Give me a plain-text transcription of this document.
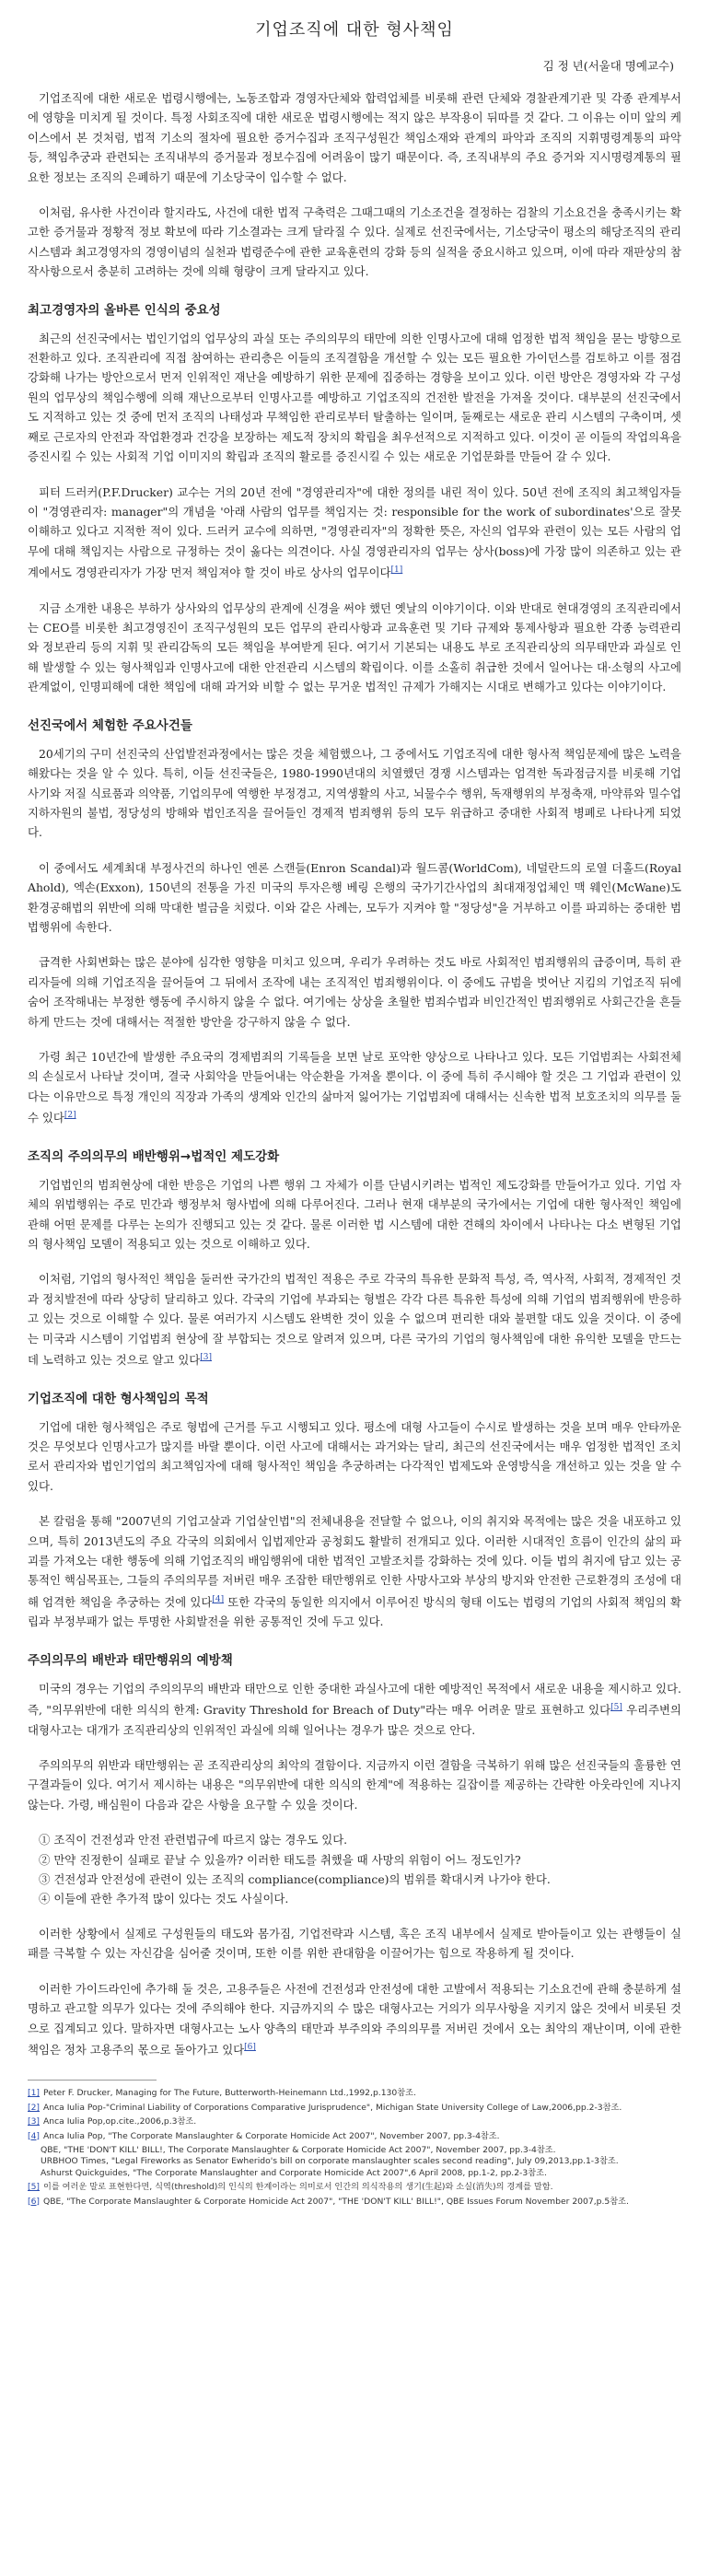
기업조직에 대한 형사책임
김 정 년(서울대 명예교수)

기업조직에 대한 새로운 법령시행에는, 노동조합과 경영자단체와 합력업체를 비롯해 관련 단체와 경찰관계기관 및 각종 관계부서에 영향을 미치게 될 것이다. 특정 사회조직에 대한 새로운 법령시행에는 적지 않은 부작용이 뒤따를 것 같다. 그 이유는 이미 앞의 케이스에서 본 것처럼, 법적 기소의 절차에 필요한 증거수집과 조직구성원간 책임소재와 관계의 파악과 조직의 지휘명령계통의 파악 등, 책임추궁과 관련되는 조직내부의 증거물과 정보수집에 어려움이 많기 때문이다. 즉, 조직내부의 주요 증거와 지시명령계통의 필요한 정보는 조직의 은폐하기 때문에 기소당국이 입수할 수 없다.

이처럼, 유사한 사건이라 할지라도, 사건에 대한 법적 구축력은 그때그때의 기소조건을 결정하는 검찰의 기소요건을 충족시키는 확고한 증거물과 정황적 정보 확보에 따라 기소결과는 크게 달라질 수 있다. 실제로 선진국에서는, 기소당국이 평소의 해당조직의 관리 시스템과 최고경영자의 경영이념의 실천과 법령준수에 관한 교육훈련의 강화 등의 실적을 중요시하고 있으며, 이에 따라 재판상의 참작사항으로서 충분히 고려하는 것에 의해 형량이 크게 달라지고 있다.

최고경영자의 올바른 인식의 중요성

최근의 선진국에서는 법인기업의 업무상의 과실 또는 주의의무의 태만에 의한 인명사고에 대해 엄정한 법적 책임을 묻는 방향으로 전환하고 있다. 조직관리에 직접 참여하는 관리층은 이들의 조직결함을 개선할 수 있는 모든 필요한 가이던스를 검토하고 이를 점검 강화해 나가는 방안으로서 먼저 인위적인 재난을 예방하기 위한 문제에 집중하는 경향을 보이고 있다. 이런 방안은 경영자와 각 구성원의 업무상의 책임수행에 의해 재난으로부터 인명사고를 예방하고 기업조직의 건전한 발전을 가져올 것이다. 대부분의 선진국에서도 지적하고 있는 것 중에 먼저 조직의 나태성과 무책임한 관리로부터 탈출하는 일이며, 둘째로는 새로운 관리 시스템의 구축이며, 셋째로 근로자의 안전과 작업환경과 건강을 보장하는 제도적 장치의 확립을 최우선적으로 지적하고 있다. 이것이 곧 이들의 작업의욕을 증진시킬 수 있는 사회적 기업 이미지의 확립과 조직의 활로를 증진시킬 수 있는 새로운 기업문화를 만들어 갈 수 있다.

피터 드러커(P.F.Drucker) 교수는 거의 20년 전에 "경영관리자"에 대한 정의를 내린 적이 있다. 50년 전에 조직의 최고책임자들이 "경영관리자: manager"의 개념을 '아래 사람의 업무를 책임지는 것: responsible for the work of subordinates'으로 잘못 이해하고 있다고 지적한 적이 있다. 드러커 교수에 의하면, "경영관리자"의 정확한 뜻은, 자신의 업무와 관련이 있는 모든 사람의 업무에 대해 책임지는 사람으로 규정하는 것이 옳다는 의견이다. 사실 경영관리자의 업무는 상사(boss)에 가장 많이 의존하고 있는 관계에서도 경영관리자가 가장 먼저 책임져야 할 것이 바로 상사의 업무이다[1]

지금 소개한 내용은 부하가 상사와의 업무상의 관계에 신경을 써야 했던 옛날의 이야기이다. 이와 반대로 현대경영의 조직관리에서는 CEO를 비롯한 최고경영진이 조직구성원의 모든 업무의 관리사항과 교육훈련 및 기타 규제와 통제사항과 필요한 각종 능력관리와 정보관리 등의 지휘 및 관리감독의 모든 책임을 부여받게 된다. 여기서 기본되는 내용도 부로 조직관리상의 의무태만과 과실로 인해 발생할 수 있는 형사책임과 인명사고에 대한 안전관리 시스템의 확립이다. 이를 소홀히 취급한 것에서 일어나는 대·소형의 사고에 관계없이, 인명피해에 대한 책임에 대해 과거와 비할 수 없는 무거운 법적인 규제가 가해지는 시대로 변해가고 있다는 이야기이다.

선진국에서 체험한 주요사건들

20세기의 구미 선진국의 산업발전과정에서는 많은 것을 체험했으나, 그 중에서도 기업조직에 대한 형사적 책임문제에 많은 노력을 해왔다는 것을 알 수 있다. 특히, 이들 선진국들은, 1980-1990년대의 치열했던 경쟁 시스템과는 엄격한 독과점금지를 비롯해 기업사기와 저질 식료품과 의약품, 기업의무에 역행한 부정경고, 지역생활의 사고, 뇌물수수 행위, 독재행위의 부정축재, 마약류와 밀수업 지하자원의 불법, 정당성의 방해와 법인조직을 끌어들인 경제적 범죄행위 등의 모두 위급하고 중대한 사회적 병폐로 나타나게 되었다.

이 중에서도 세계최대 부정사건의 하나인 엔론 스캔들(Enron Scandal)과 월드콤(WorldCom), 네덜란드의 로열 더홀드(Royal Ahold), 엑손(Exxon), 150년의 전통을 가진 미국의 투자은행 베링 은행의 국가기간사업의 최대재정업체인 맥 웨인(McWane)도 환경공해법의 위반에 의해 막대한 벌금을 치렀다. 이와 같은 사례는, 모두가 지켜야 할 "정당성"을 거부하고 이를 파괴하는 중대한 범법행위에 속한다.

급격한 사회변화는 많은 분야에 심각한 영향을 미치고 있으며, 우리가 우려하는 것도 바로 사회적인 범죄행위의 급증이며, 특히 관리자들에 의해 기업조직을 끌어들여 그 뒤에서 조작에 내는 조직적인 범죄행위이다. 이 중에도 규범을 벗어난 지킴의 기업조직 뒤에 숨어 조작해내는 부정한 행동에 주시하지 않을 수 없다. 여기에는 상상을 초월한 범죄수법과 비인간적인 범죄행위로 사회근간을 흔들하게 만드는 것에 대해서는 적절한 방안을 강구하지 않을 수 없다.

가령 최근 10년간에 발생한 주요국의 경제범죄의 기록들을 보면 날로 포악한 양상으로 나타나고 있다. 모든 기업범죄는 사회전체의 손실로서 나타날 것이며, 결국 사회악을 만들어내는 악순환을 가져올 뿐이다. 이 중에 특히 주시해야 할 것은 그 기업과 관련이 있다는 이유만으로 특정 개인의 직장과 가족의 생계와 인간의 삶마저 잃어가는 기업범죄에 대해서는 신속한 법적 보호조치의 의무를 둘 수 있다[2]

조직의 주의의무의 배반행위→법적인 제도강화

기업법인의 범죄현상에 대한 반응은 기업의 나쁜 행위 그 자체가 이를 단념시키려는 법적인 제도강화를 만들어가고 있다. 기업 자체의 위법행위는 주로 민간과 행정부처 형사법에 의해 다루어진다. 그러나 현재 대부분의 국가에서는 기업에 대한 형사적인 책임에 관해 어떤 문제를 다루는 논의가 진행되고 있는 것 같다. 물론 이러한 법 시스템에 대한 견해의 차이에서 나타나는 다소 변형된 기업의 형사책임 모델이 적용되고 있는 것으로 이해하고 있다.

이처럼, 기업의 형사적인 책임을 둘러싼 국가간의 법적인 적용은 주로 각국의 특유한 문화적 특성, 즉, 역사적, 사회적, 경제적인 것과 정치발전에 따라 상당히 달리하고 있다. 각국의 기업에 부과되는 형벌은 각각 다른 특유한 특성에 의해 기업의 범죄행위에 반응하고 있는 것으로 이해할 수 있다. 물론 여러가지 시스템도 완벽한 것이 있을 수 없으며 편리한 대와 불편할 대도 있을 것이다. 이 중에는 미국과 시스템이 기업범죄 현상에 잘 부합되는 것으로 알려져 있으며, 다른 국가의 기업의 형사책임에 대한 유익한 모델을 만드는 데 노력하고 있는 것으로 알고 있다[3]

기업조직에 대한 형사책임의 목적

기업에 대한 형사책임은 주로 형법에 근거를 두고 시행되고 있다. 평소에 대형 사고들이 수시로 발생하는 것을 보며 매우 안타까운 것은 무엇보다 인명사고가 많지를 바랄 뿐이다. 이런 사고에 대해서는 과거와는 달리, 최근의 선진국에서는 매우 엄정한 법적인 조치로서 관리자와 법인기업의 최고책임자에 대해 형사적인 책임을 추궁하려는 다각적인 법제도와 운영방식을 개선하고 있는 것을 알 수 있다.

본 칼럼을 통해 "2007년의 기업고살과 기업살인법"의 전체내용을 전달할 수 없으나, 이의 취지와 목적에는 많은 것을 내포하고 있으며, 특히 2013년도의 주요 각국의 의회에서 입법제안과 공청회도 활발히 전개되고 있다. 이러한 시대적인 흐름이 인간의 삶의 파괴를 가져오는 대한 행동에 의해 기업조직의 배임행위에 대한 법적인 고발조치를 강화하는 것에 있다. 이들 법의 취지에 담고 있는 공통적인 핵심목표는, 그들의 주의의무를 저버린 매우 조잡한 태만행위로 인한 사망사고와 부상의 방지와 안전한 근로환경의 조성에 대해 엄격한 책임을 추궁하는 것에 있다[4] 또한 각국의 동일한 의지에서 이루어진 방식의 형태 이도는 법령의 기업의 사회적 책임의 확립과 부정부패가 없는 투명한 사회발전을 위한 공통적인 것에 두고 있다.

주의의무의 배반과 태만행위의 예방책

미국의 경우는 기업의 주의의무의 배반과 태만으로 인한 중대한 과실사고에 대한 예방적인 목적에서 새로운 내용을 제시하고 있다. 즉, "의무위반에 대한 의식의 한계: Gravity Threshold for Breach of Duty"라는 매우 어려운 말로 표현하고 있다[5] 우리주변의 대형사고는 대개가 조직관리상의 인위적인 과실에 의해 일어나는 경우가 많은 것으로 안다.

주의의무의 위반과 태만행위는 곧 조직관리상의 최악의 결함이다. 지금까지 이런 결함을 극복하기 위해 많은 선진국들의 훌륭한 연구결과들이 있다. 여기서 제시하는 내용은 "의무위반에 대한 의식의 한계"에 적용하는 길잡이를 제공하는 간략한 아웃라인에 지나지 않는다. 가령, 배심원이 다음과 같은 사항을 요구할 수 있을 것이다.

① 조직이 건전성과 안전 관련법규에 따르지 않는 경우도 있다.
② 만약 진정한이 실패로 끝날 수 있을까? 이러한 태도를 취했을 때 사망의 위험이 어느 정도인가?
③ 건전성과 안전성에 관련이 있는 조직의 compliance(compliance)의 범위를 확대시켜 나가야 한다.
④ 이들에 관한 추가적 많이 있다는 것도 사실이다.

이러한 상황에서 실제로 구성원들의 태도와 몸가짐, 기업전략과 시스템, 혹은 조직 내부에서 실제로 받아들이고 있는 관행들이 실패를 극복할 수 있는 자신감을 심어줄 것이며, 또한 이를 위한 관대함을 이끌어가는 힘으로 작용하게 될 것이다.

이러한 가이드라인에 추가해 둘 것은, 고용주들은 사전에 건전성과 안전성에 대한 고발에서 적용되는 기소요건에 관해 충분하게 설명하고 관고할 의무가 있다는 것에 주의해야 한다. 지금까지의 수 많은 대형사고는 거의가 의무사항을 지키지 않은 것에서 비롯된 것으로 집계되고 있다. 말하자면 대형사고는 노사 양측의 태만과 부주의와 주의의무를 저버린 것에서 오는 최악의 재난이며, 이에 관한 책임은 정차 고용주의 몫으로 돌아가고 있다[6]

[1] Peter F. Drucker, Managing for The Future, Butterworth-Heinemann Ltd.,1992,p.130참조.
[2] Anca Iulia Pop-"Criminal Liability of Corporations Comparative Jurisprudence", Michigan State University College of Law,2006,pp.2-3참조.
[3] Anca Iulia Pop,op.cite.,2006,p.3참조.
[4] Anca Iulia Pop, "The Corporate Manslaughter & Corporate Homicide Act 2007", November 2007, pp.3-4참조.
QBE, "THE 'DON'T KILL' BILL!, The Corporate Manslaughter & Corporate Homicide Act 2007", November 2007, pp.3-4참조.
URBHOO Times, "Legal Fireworks as Senator Ewherido's bill on corporate manslaughter scales second reading", July 09,2013,pp.1-3참조.
Ashurst Quickguides, "The Corporate Manslaughter and Corporate Homicide Act 2007",6 April 2008, pp.1-2, pp.2-3참조.
[5] 이를 여러운 말로 표현한다면, 식역(threshold)의 인식의 한계이라는 의미로서 인간의 의식작용의 생기(生起)와 소실(消失)의 경계를 말함.
[6] QBE, "The Corporate Manslaughter & Corporate Homicide Act 2007", "THE 'DON'T KILL' BILL!", QBE Issues Forum November 2007,p.5참조.
